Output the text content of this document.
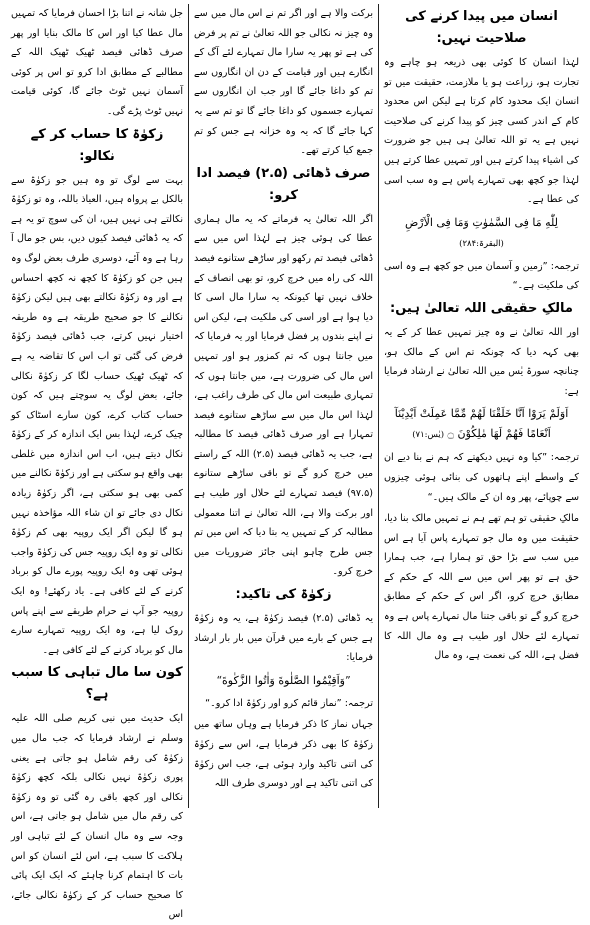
انسان میں پیدا کرنے کی صلاحیت نہیں:

لہٰذا انسان کا کوئی بھی ذریعہ ہو چاہے وہ تجارت ہو، زراعت ہو یا ملازمت، حقیقت میں تو انسان ایک محدود کام کرتا ہے لیکن اس محدود کام کے اندر کسی چیز کو پیدا کرنے کی صلاحیت نہیں ہے یہ تو اللہ تعالیٰ ہی ہیں جو ضرورت کی اشیاء پیدا کرتے ہیں اور تمہیں عطا کرتے ہیں لہٰذا جو کچھ بھی تمہارے پاس ہے وہ سب اسی کی عطا ہے۔

لِلّٰهِ مَا فِی السَّمٰوٰتِ وَمَا فِی الْاَرْضِ (البقرۃ:۲۸۴)

ترجمہ: ”زمین و آسمان میں جو کچھ ہے وہ اسی کی ملکیت ہے۔“

مالکِ حقیقی اللہ تعالیٰ ہیں:

اور اللہ تعالیٰ نے وہ چیز تمہیں عطا کر کے یہ بھی کہہ دیا کہ چونکہ تم اس کے مالک ہو، چنانچہ سورۃ یٰس میں اللہ تعالیٰ نے ارشاد فرمایا ہے:

اَوَلَمْ یَرَوْا اَنَّا خَلَقْنَا لَهُمْ مِّمَّا عَمِلَتْ اَیْدِیْنَآ اَنْعَامًا فَهُمْ لَهَا مٰلِكُوْنَ ۝ (یٰس:۷۱)

ترجمہ: ”کیا وہ نہیں دیکھتے کہ ہم نے بنا دیے ان کے واسطے اپنے ہاتھوں کی بنائی ہوئی چیزوں سے چوپائے، پھر وہ ان کے مالک ہیں۔“

مالکِ حقیقی تو ہم تھے ہم نے تمہیں مالک بنا دیا، حقیقت میں وہ مال جو تمہارے پاس آیا ہے اس میں سب سے بڑا حق تو ہمارا ہے، جب ہمارا حق ہے تو پھر اس میں سے اللہ کے حکم کے مطابق خرچ کرو، اگر اس کے حکم کے مطابق خرچ کرو گے تو باقی جتنا مال تمہارے پاس ہے وہ تمہارے لئے حلال اور طیب ہے وہ مال اللہ کا فضل ہے، اللہ کی نعمت ہے، وہ مال

برکت والا ہے اور اگر تم نے اس مال میں سے وہ چیز نہ نکالی جو اللہ تعالیٰ نے تم پر فرض کی ہے تو پھر یہ سارا مال تمہارے لئے آگ کے انگارے ہیں اور قیامت کے دن ان انگاروں سے تم کو داغا جائے گا اور جب ان انگاروں سے تمہارے جسموں کو داغا جائے گا تو تم سے یہ کہا جائے گا کہ یہ وہ خزانہ ہے جس کو تم جمع کیا کرتے تھے۔

صرف ڈھائی (۲.۵) فیصد ادا کرو:

اگر اللہ تعالیٰ یہ فرماتے کہ یہ مال ہماری عطا کی ہوئی چیز ہے لہٰذا اس میں سے ڈھائی فیصد تم رکھو اور ساڑھے ستانوے فیصد اللہ کی راہ میں خرچ کرو، تو بھی انصاف کے خلاف نہیں تھا کیونکہ یہ سارا مال اسی کا دیا ہوا ہے اور اسی کی ملکیت ہے، لیکن اس نے اپنے بندوں پر فضل فرمایا اور یہ فرمایا کہ میں جانتا ہوں کہ تم کمزور ہو اور تمہیں اس مال کی ضرورت ہے، میں جانتا ہوں کہ تمہاری طبیعت اس مال کی طرف راغب ہے، لہٰذا اس مال میں سے ساڑھے ستانوے فیصد تمہارا ہے اور صرف ڈھائی فیصد کا مطالبہ ہے، جب یہ ڈھائی فیصد (۲.۵) اللہ کے راستے میں خرچ کرو گے تو باقی ساڑھے ستانوے (۹۷.۵) فیصد تمہارے لئے حلال اور طیب ہے اور برکت والا ہے، اللہ تعالیٰ نے اتنا معمولی مطالبہ کر کے تمہیں یہ بتا دیا کہ اس میں تم جس طرح چاہو اپنی جائز ضروریات میں خرچ کرو۔

زکوٰۃ کی تاکید:

یہ ڈھائی (۲.۵) فیصد زکوٰۃ ہے، یہ وہ زکوٰۃ ہے جس کے بارے میں قرآن میں بار بار ارشاد فرمایا:

”وَاَقِیْمُوا الصَّلٰوةَ وَاٰتُوا الزَّكٰوةَ“

ترجمہ: ”نماز قائم کرو اور زکوٰۃ ادا کرو۔“

جہاں نماز کا ذکر فرمایا ہے وہاں ساتھ میں زکوٰۃ کا بھی ذکر فرمایا ہے، اس سے زکوٰۃ کی اتنی تاکید وارد ہوئی ہے، جب اس زکوٰۃ کی اتنی تاکید ہے اور دوسری طرف اللہ

جل شانہ نے اتنا بڑا احسان فرمایا کہ تمہیں مال عطا کیا اور اس کا مالک بنایا اور پھر صرف ڈھائی فیصد ٹھیک ٹھیک اللہ کے مطالبے کے مطابق ادا کرو تو اس پر کوئی آسمان نہیں ٹوٹ جائے گا، کوئی قیامت نہیں ٹوٹ پڑے گی۔

زکوٰۃ کا حساب کر کے نکالو:

بہت سے لوگ تو وہ ہیں جو زکوٰۃ سے بالکل بے پرواہ ہیں، العیاذ باللہ، وہ تو زکوٰۃ نکالتے ہی نہیں ہیں، ان کی سوچ تو یہ ہے کہ یہ ڈھائی فیصد کیوں دیں، بس جو مال آ رہا ہے وہ آئے، دوسری طرف بعض لوگ وہ ہیں جن کو زکوٰۃ کا کچھ نہ کچھ احساس ہے اور وہ زکوٰۃ نکالتے بھی ہیں لیکن زکوٰۃ نکالنے کا جو صحیح طریقہ ہے وہ طریقہ اختیار نہیں کرتے، جب ڈھائی فیصد زکوٰۃ فرض کی گئی تو اب اس کا تقاضہ یہ ہے کہ ٹھیک ٹھیک حساب لگا کر زکوٰۃ نکالی جائے، بعض لوگ یہ سوچتے ہیں کہ کون حساب کتاب کرے، کون سارے اسٹاک کو چیک کرے، لہٰذا بس ایک اندازہ کر کے زکوٰۃ نکال دیتے ہیں، اب اس اندازہ میں غلطی بھی واقع ہو سکتی ہے اور زکوٰۃ نکالنے میں کمی بھی ہو سکتی ہے، اگر زکوٰۃ زیادہ نکال دی جائے تو ان شاء اللہ مؤاخذہ نہیں ہو گا لیکن اگر ایک روپیہ بھی کم زکوٰۃ نکالی تو وہ ایک روپیہ جس کی زکوٰۃ واجب ہوئی تھی وہ ایک روپیہ پورے مال کو برباد کرنے کے لئے کافی ہے۔ یاد رکھئے! وہ ایک روپیہ جو آپ نے حرام طریقے سے اپنے پاس روک لیا ہے، وہ ایک روپیہ تمہارے سارے مال کو برباد کرنے کے لئے کافی ہے۔

کون سا مال تباہی کا سبب ہے؟

ایک حدیث میں نبی کریم صلی اللہ علیہ وسلم نے ارشاد فرمایا کہ جب مال میں زکوٰۃ کی رقم شامل ہو جاتی ہے یعنی پوری زکوٰۃ نہیں نکالی بلکہ کچھ زکوٰۃ نکالی اور کچھ باقی رہ گئی تو وہ زکوٰۃ کی رقم مال میں شامل ہو جاتی ہے، اس وجہ سے وہ مال انسان کے لئے تباہی اور ہلاکت کا سبب ہے، اس لئے انسان کو اس بات کا اہتمام کرنا چاہئے کہ ایک ایک پائی کا صحیح حساب کر کے زکوٰۃ نکالی جائے، اس
